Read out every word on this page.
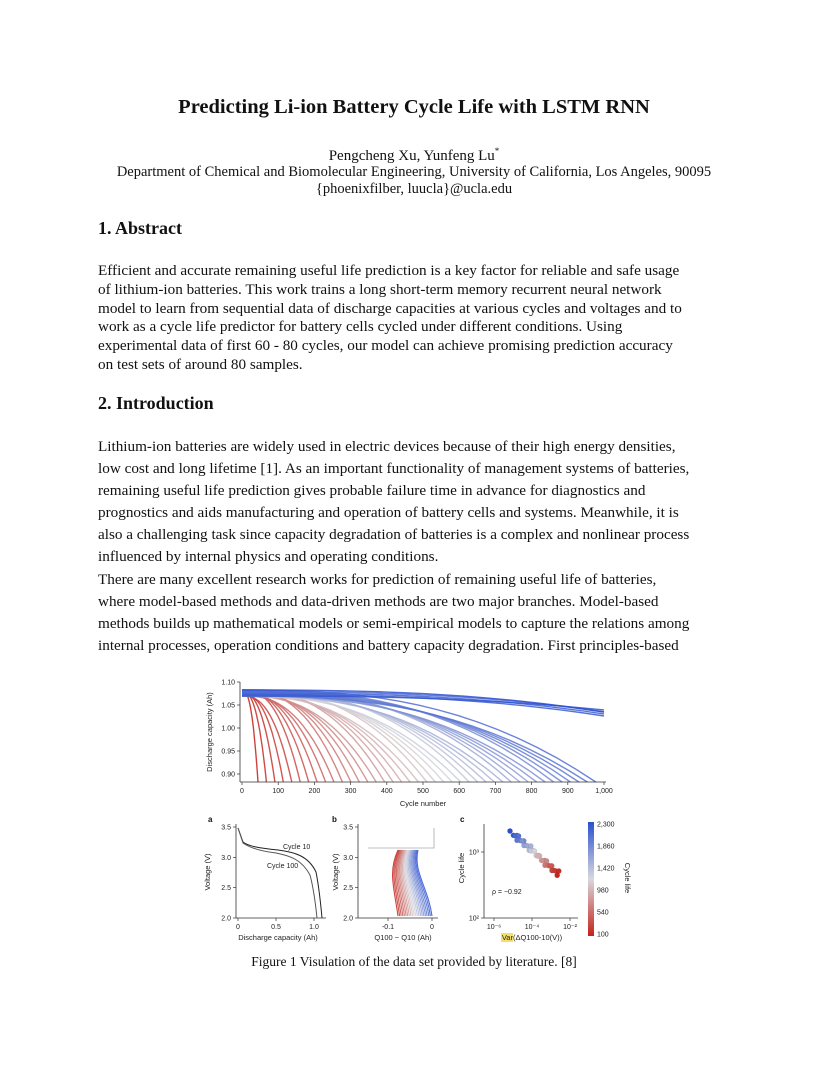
Predicting Li-ion Battery Cycle Life with LSTM RNN
Pengcheng Xu, Yunfeng Lu*
Department of Chemical and Biomolecular Engineering, University of California, Los Angeles, 90095
{phoenixfilber, luucla}@ucla.edu
1. Abstract
Efficient and accurate remaining useful life prediction is a key factor for reliable and safe usage
of lithium-ion batteries. This work trains a long short-term memory recurrent neural network
model to learn from sequential data of discharge capacities at various cycles and voltages and to
work as a cycle life predictor for battery cells cycled under different conditions. Using
experimental data of first 60 - 80 cycles, our model can achieve promising prediction accuracy
on test sets of around 80 samples.
2. Introduction
Lithium-ion batteries are widely used in electric devices because of their high energy densities,
low cost and long lifetime [1]. As an important functionality of management systems of batteries,
remaining useful life prediction gives probable failure time in advance for diagnostics and
prognostics and aids manufacturing and operation of battery cells and systems. Meanwhile, it is
also a challenging task since capacity degradation of batteries is a complex and nonlinear process
influenced by internal physics and operating conditions.
There are many excellent research works for prediction of remaining useful life of batteries,
where model-based methods and data-driven methods are two major branches. Model-based
methods builds up mathematical models or semi-empirical models to capture the relations among
internal processes, operation conditions and battery capacity degradation. First principles-based
1.10
1.05
1.00
0.95
0.90
0	100	200	300	400	500	600	700	800	900	1,000
Cycle number
Discharge capacity (Ah)
a
Cycle 10
Cycle 100
3.5
3.0
2.5
2.0
0	0.5	1.0
Discharge capacity (Ah)
Voltage (V)
b
3.5
3.0
2.5
2.0
-0.1	0
Q100 − Q10 (Ah)
Voltage (V)
c
ρ = −0.92
10³
10²
10⁻⁶	10⁻⁴	10⁻²
Var(ΔQ100-10(V))
Cycle life
2,300
1,860
1,420
980
540
100
Cycle life
Figure 1 Visulation of the data set provided by literature. [8]
